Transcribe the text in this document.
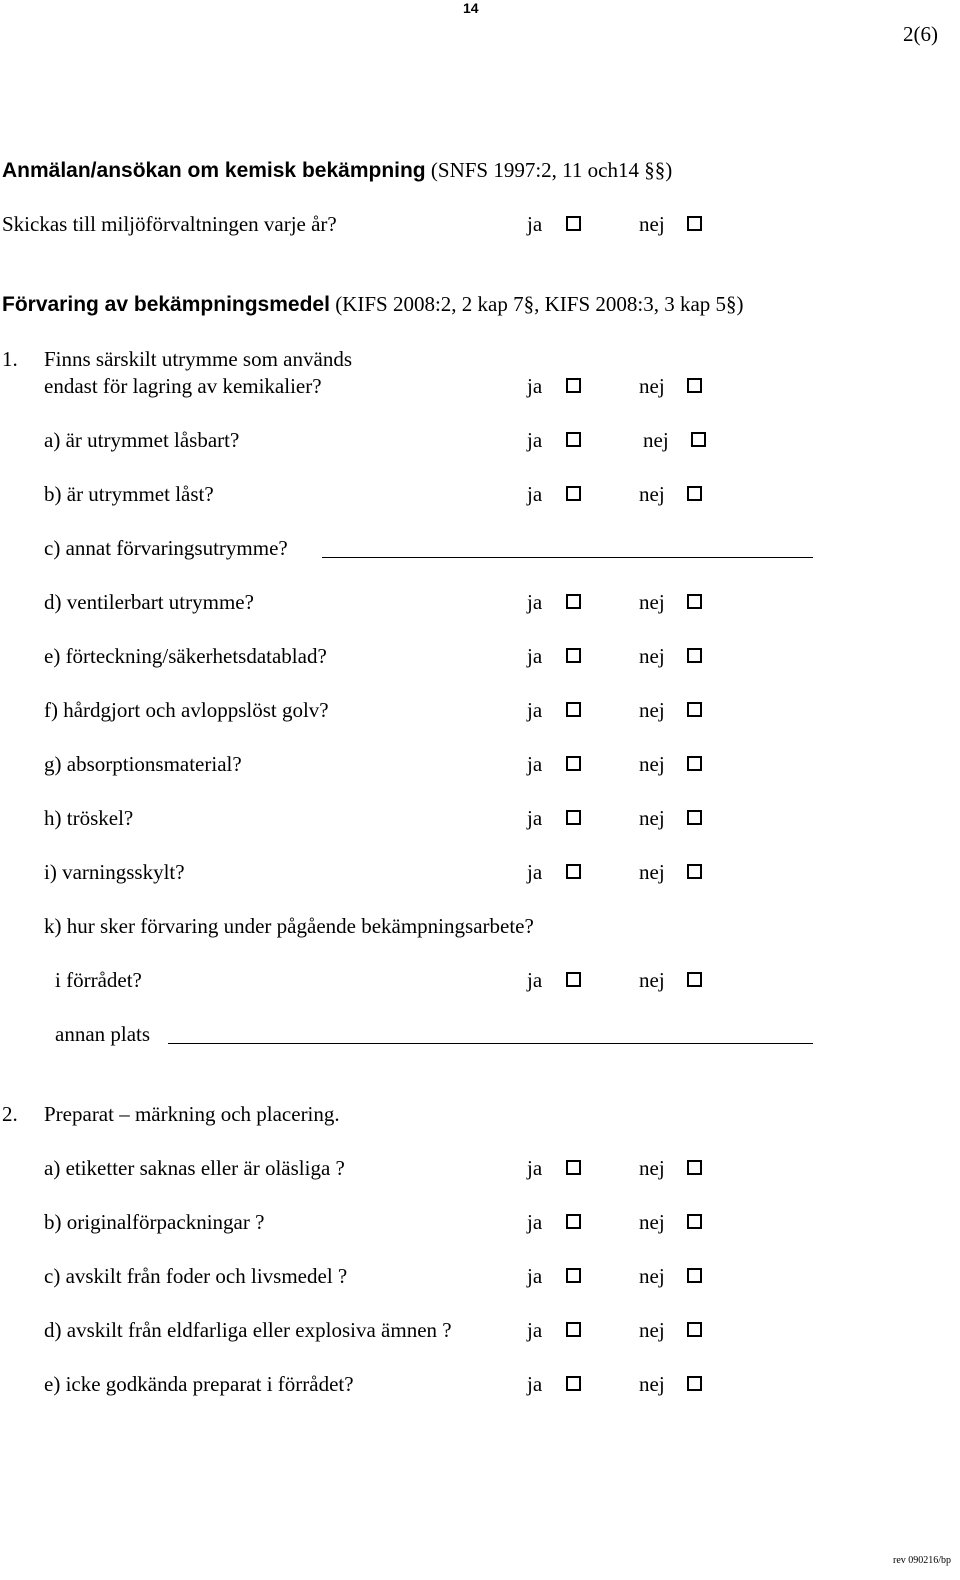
14
2(6)
Anmälan/ansökan om kemisk bekämpning (SNFS 1997:2, 11 och14 §§)
Skickas till miljöförvaltningen varje år?	ja	nej
Förvaring av bekämpningsmedel (KIFS 2008:2, 2 kap 7§, KIFS 2008:3, 3 kap 5§)
1. Finns särskilt utrymme som används
endast för lagring av kemikalier?	ja	nej
a) är utrymmet låsbart?	ja	nej
b) är utrymmet låst?	ja	nej
c) annat förvaringsutrymme?
d) ventilerbart utrymme?	ja	nej
e) förteckning/säkerhetsdatablad?	ja	nej
f) hårdgjort och avloppslöst golv?	ja	nej
g) absorptionsmaterial?	ja	nej
h) tröskel?	ja	nej
i) varningsskylt?	ja	nej
k) hur sker förvaring under pågående bekämpningsarbete?
i förrådet?	ja	nej
annan plats
2. Preparat – märkning och placering.
a) etiketter saknas eller är oläsliga ?	ja	nej
b) originalförpackningar ?	ja	nej
c) avskilt från foder och livsmedel ?	ja	nej
d) avskilt från eldfarliga eller explosiva ämnen ?	ja	nej
e) icke godkända preparat i förrådet?	ja	nej
rev 090216/bp
